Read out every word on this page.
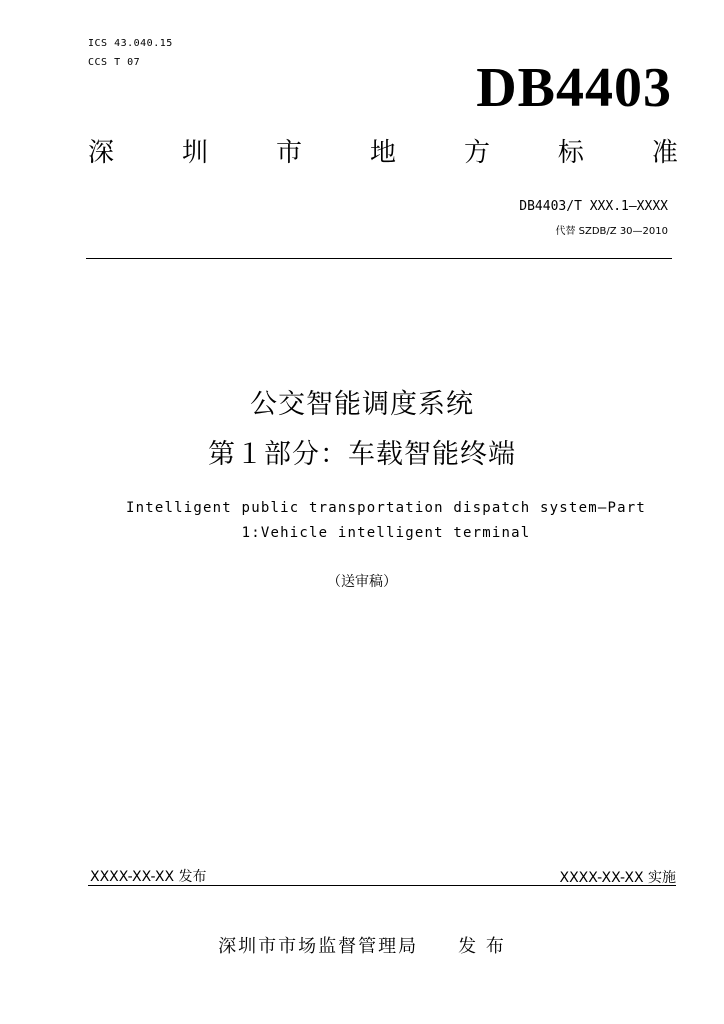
ICS 43.040.15
CCS T 07	DB4403
深	圳	市	地	方	标	准
DB4403/T XXX.1—XXXX
代替 SZDB/Z 30—2010
公交智能调度系统
第１部分：车载智能终端
Intelligent public transportation dispatch system—Part 1:Vehicle intelligent terminal
（送审稿）
XXXX-XX-XX 发布	XXXX-XX-XX 实施
深圳市市场监督管理局 发 布
